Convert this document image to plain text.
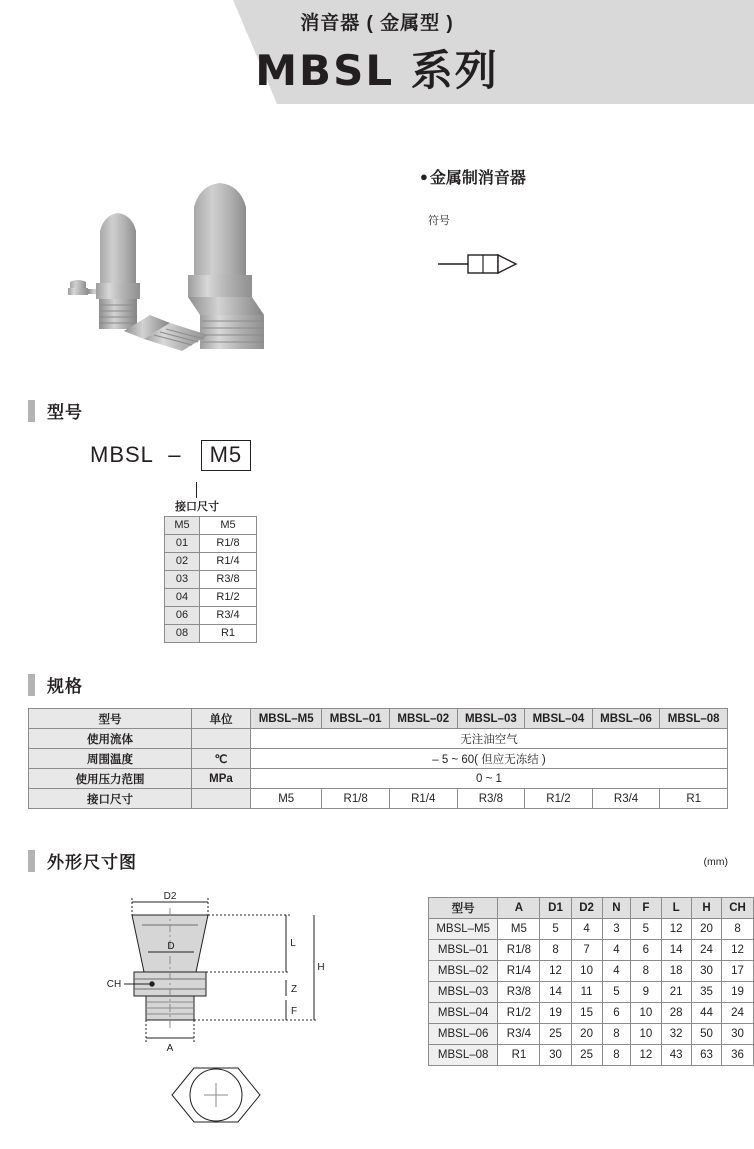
消音器 ( 金属型 )
MBSL 系列
● 金属制消音器
符号
型号
MBSL – M5
接口尺寸
M5	M5
01	R1/8
02	R1/4
03	R3/8
04	R1/2
06	R3/4
08	R1
规格
型号	单位	MBSL–M5	MBSL–01	MBSL–02	MBSL–03	MBSL–04	MBSL–06	MBSL–08
使用流体		无注油空气						
周围温度	℃	– 5 ~ 60( 但应无冻结 )						
使用压力范围	MPa	0 ~ 1						
接口尺寸		M5	R1/8	R1/4	R3/8	R1/2	R3/4	R1
外形尺寸图	(mm)
D2
D
CH
A
L
H
Z
F
型号	A	D1	D2	N	F	L	H	CH
MBSL–M5	M5	5	4	3	5	12	20	8
MBSL–01	R1/8	8	7	4	6	14	24	12
MBSL–02	R1/4	12	10	4	8	18	30	17
MBSL–03	R3/8	14	11	5	9	21	35	19
MBSL–04	R1/2	19	15	6	10	28	44	24
MBSL–06	R3/4	25	20	8	10	32	50	30
MBSL–08	R1	30	25	8	12	43	63	36
